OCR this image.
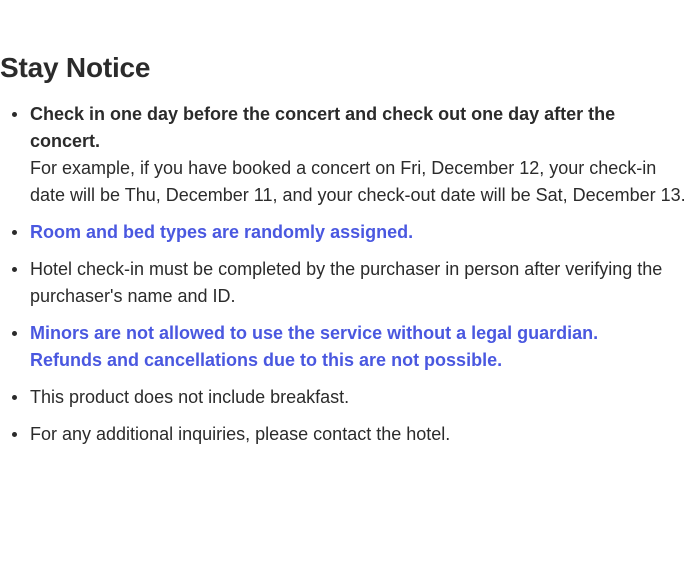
Stay Notice
Check in one day before the concert and check out one day after the concert.
For example, if you have booked a concert on Fri, December 12, your check-in date will be Thu, December 11, and your check-out date will be Sat, December 13.
Room and bed types are randomly assigned.
Hotel check-in must be completed by the purchaser in person after verifying the purchaser's name and ID.
Minors are not allowed to use the service without a legal guardian.
Refunds and cancellations due to this are not possible.
This product does not include breakfast.
For any additional inquiries, please contact the hotel.
